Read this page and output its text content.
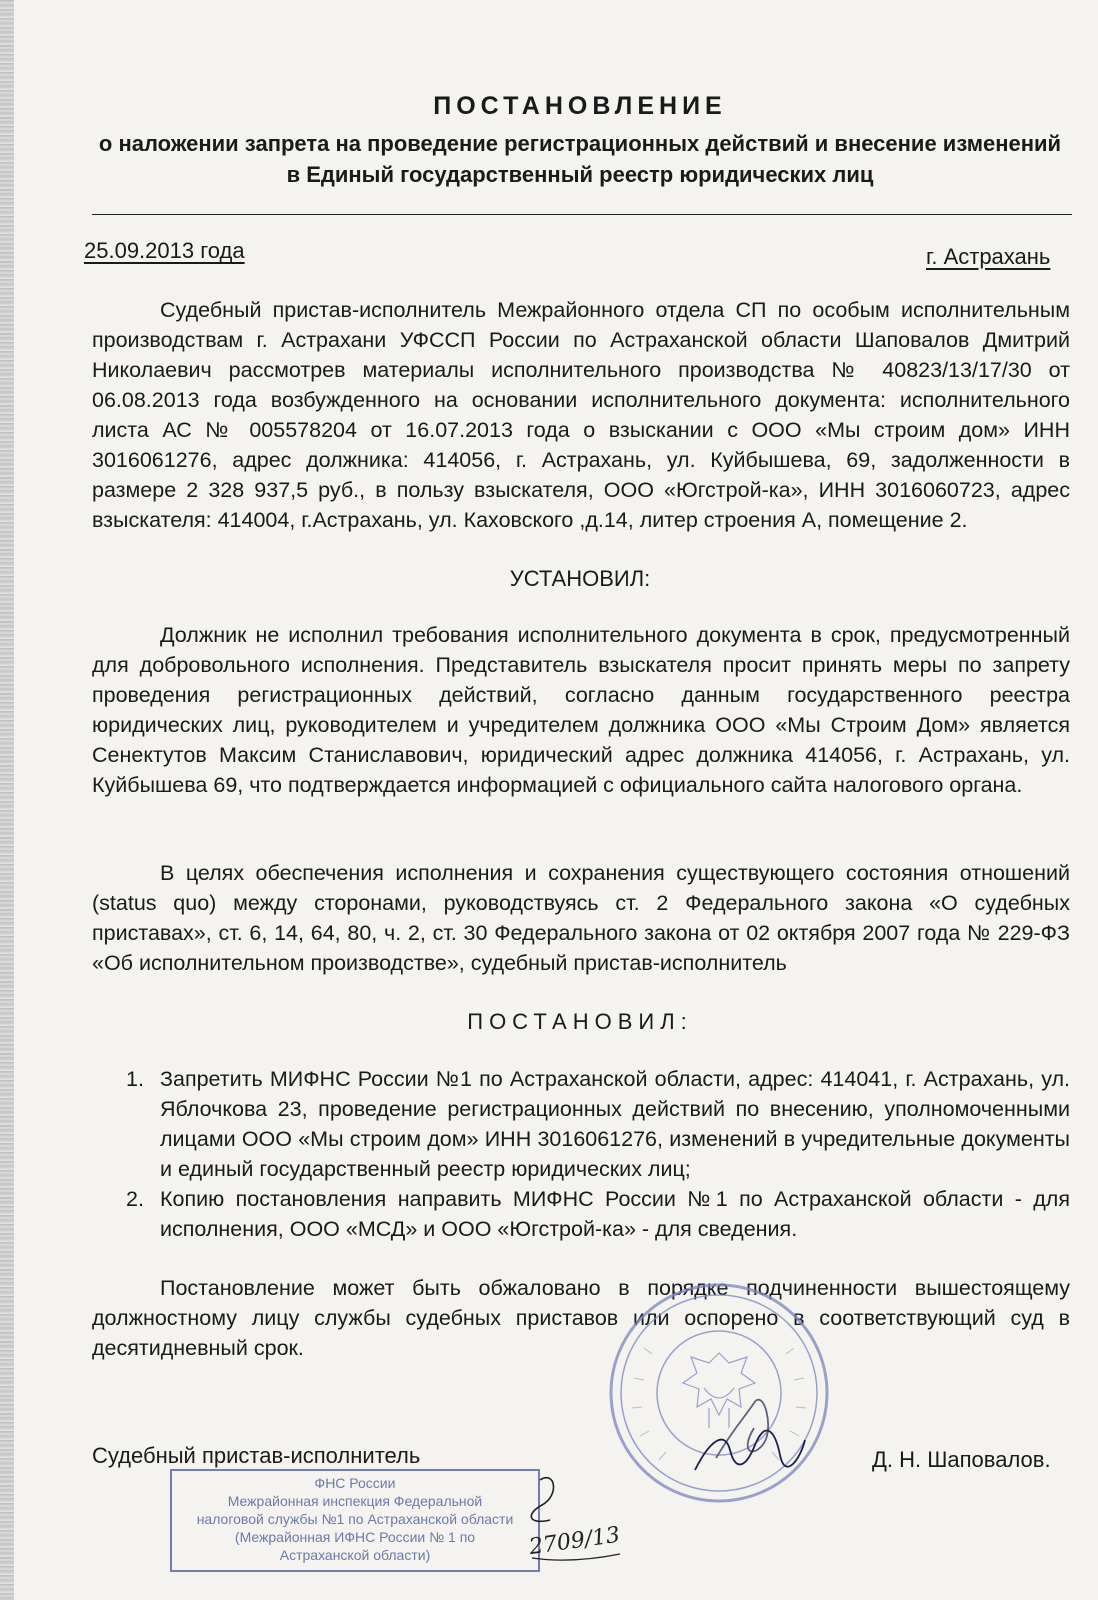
ПОСТАНОВЛЕНИЕ
о наложении запрета на проведение регистрационных действий и внесение изменений
в Единый государственный реестр юридических лиц
25.09.2013 года	г. Астрахань

Судебный пристав-исполнитель Межрайонного отдела СП по особым исполнительным производствам г. Астрахани УФССП России по Астраханской области Шаповалов Дмитрий Николаевич рассмотрев материалы исполнительного производства № 40823/13/17/30 от 06.08.2013 года возбужденного на основании исполнительного документа: исполнительного листа АС № 005578204 от 16.07.2013 года о взыскании с ООО «Мы строим дом» ИНН 3016061276, адрес должника: 414056, г. Астрахань, ул. Куйбышева, 69, задолженности в размере 2 328 937,5 руб., в пользу взыскателя, ООО «Югстрой-ка», ИНН 3016060723, адрес взыскателя: 414004, г.Астрахань, ул. Каховского ,д.14, литер строения А, помещение 2.

УСТАНОВИЛ:

Должник не исполнил требования исполнительного документа в срок, предусмотренный для добровольного исполнения. Представитель взыскателя просит принять меры по запрету проведения регистрационных действий, согласно данным государственного реестра юридических лиц, руководителем и учредителем должника ООО «Мы Строим Дом» является Сенектутов Максим Станиславович, юридический адрес должника 414056, г. Астрахань, ул. Куйбышева 69, что подтверждается информацией с официального сайта налогового органа.

В целях обеспечения исполнения и сохранения существующего состояния отношений (status quo) между сторонами, руководствуясь ст. 2 Федерального закона «О судебных приставах», ст. 6, 14, 64, 80, ч. 2, ст. 30 Федерального закона от 02 октября 2007 года № 229-ФЗ «Об исполнительном производстве», судебный пристав-исполнитель

ПОСТАНОВИЛ:
1. Запретить МИФНС России №1 по Астраханской области, адрес: 414041, г. Астрахань, ул. Яблочкова 23, проведение регистрационных действий по внесению, уполномоченными лицами ООО «Мы строим дом» ИНН 3016061276, изменений в учредительные документы и единый государственный реестр юридических лиц;
2. Копию постановления направить МИФНС России №1 по Астраханской области - для исполнения, ООО «МСД» и ООО «Югстрой-ка» - для сведения.

Постановление может быть обжаловано в порядке подчиненности вышестоящему должностному лицу службы судебных приставов или оспорено в соответствующий суд в десятидневный срок.

Судебный пристав-исполнитель	Д. Н. Шаповалов.
ФНС России
Межрайонная инспекция Федеральной
налоговой службы №1 по Астраханской области
(Межрайонная ИФНС России № 1 по
Астраханской области)	2709/13
